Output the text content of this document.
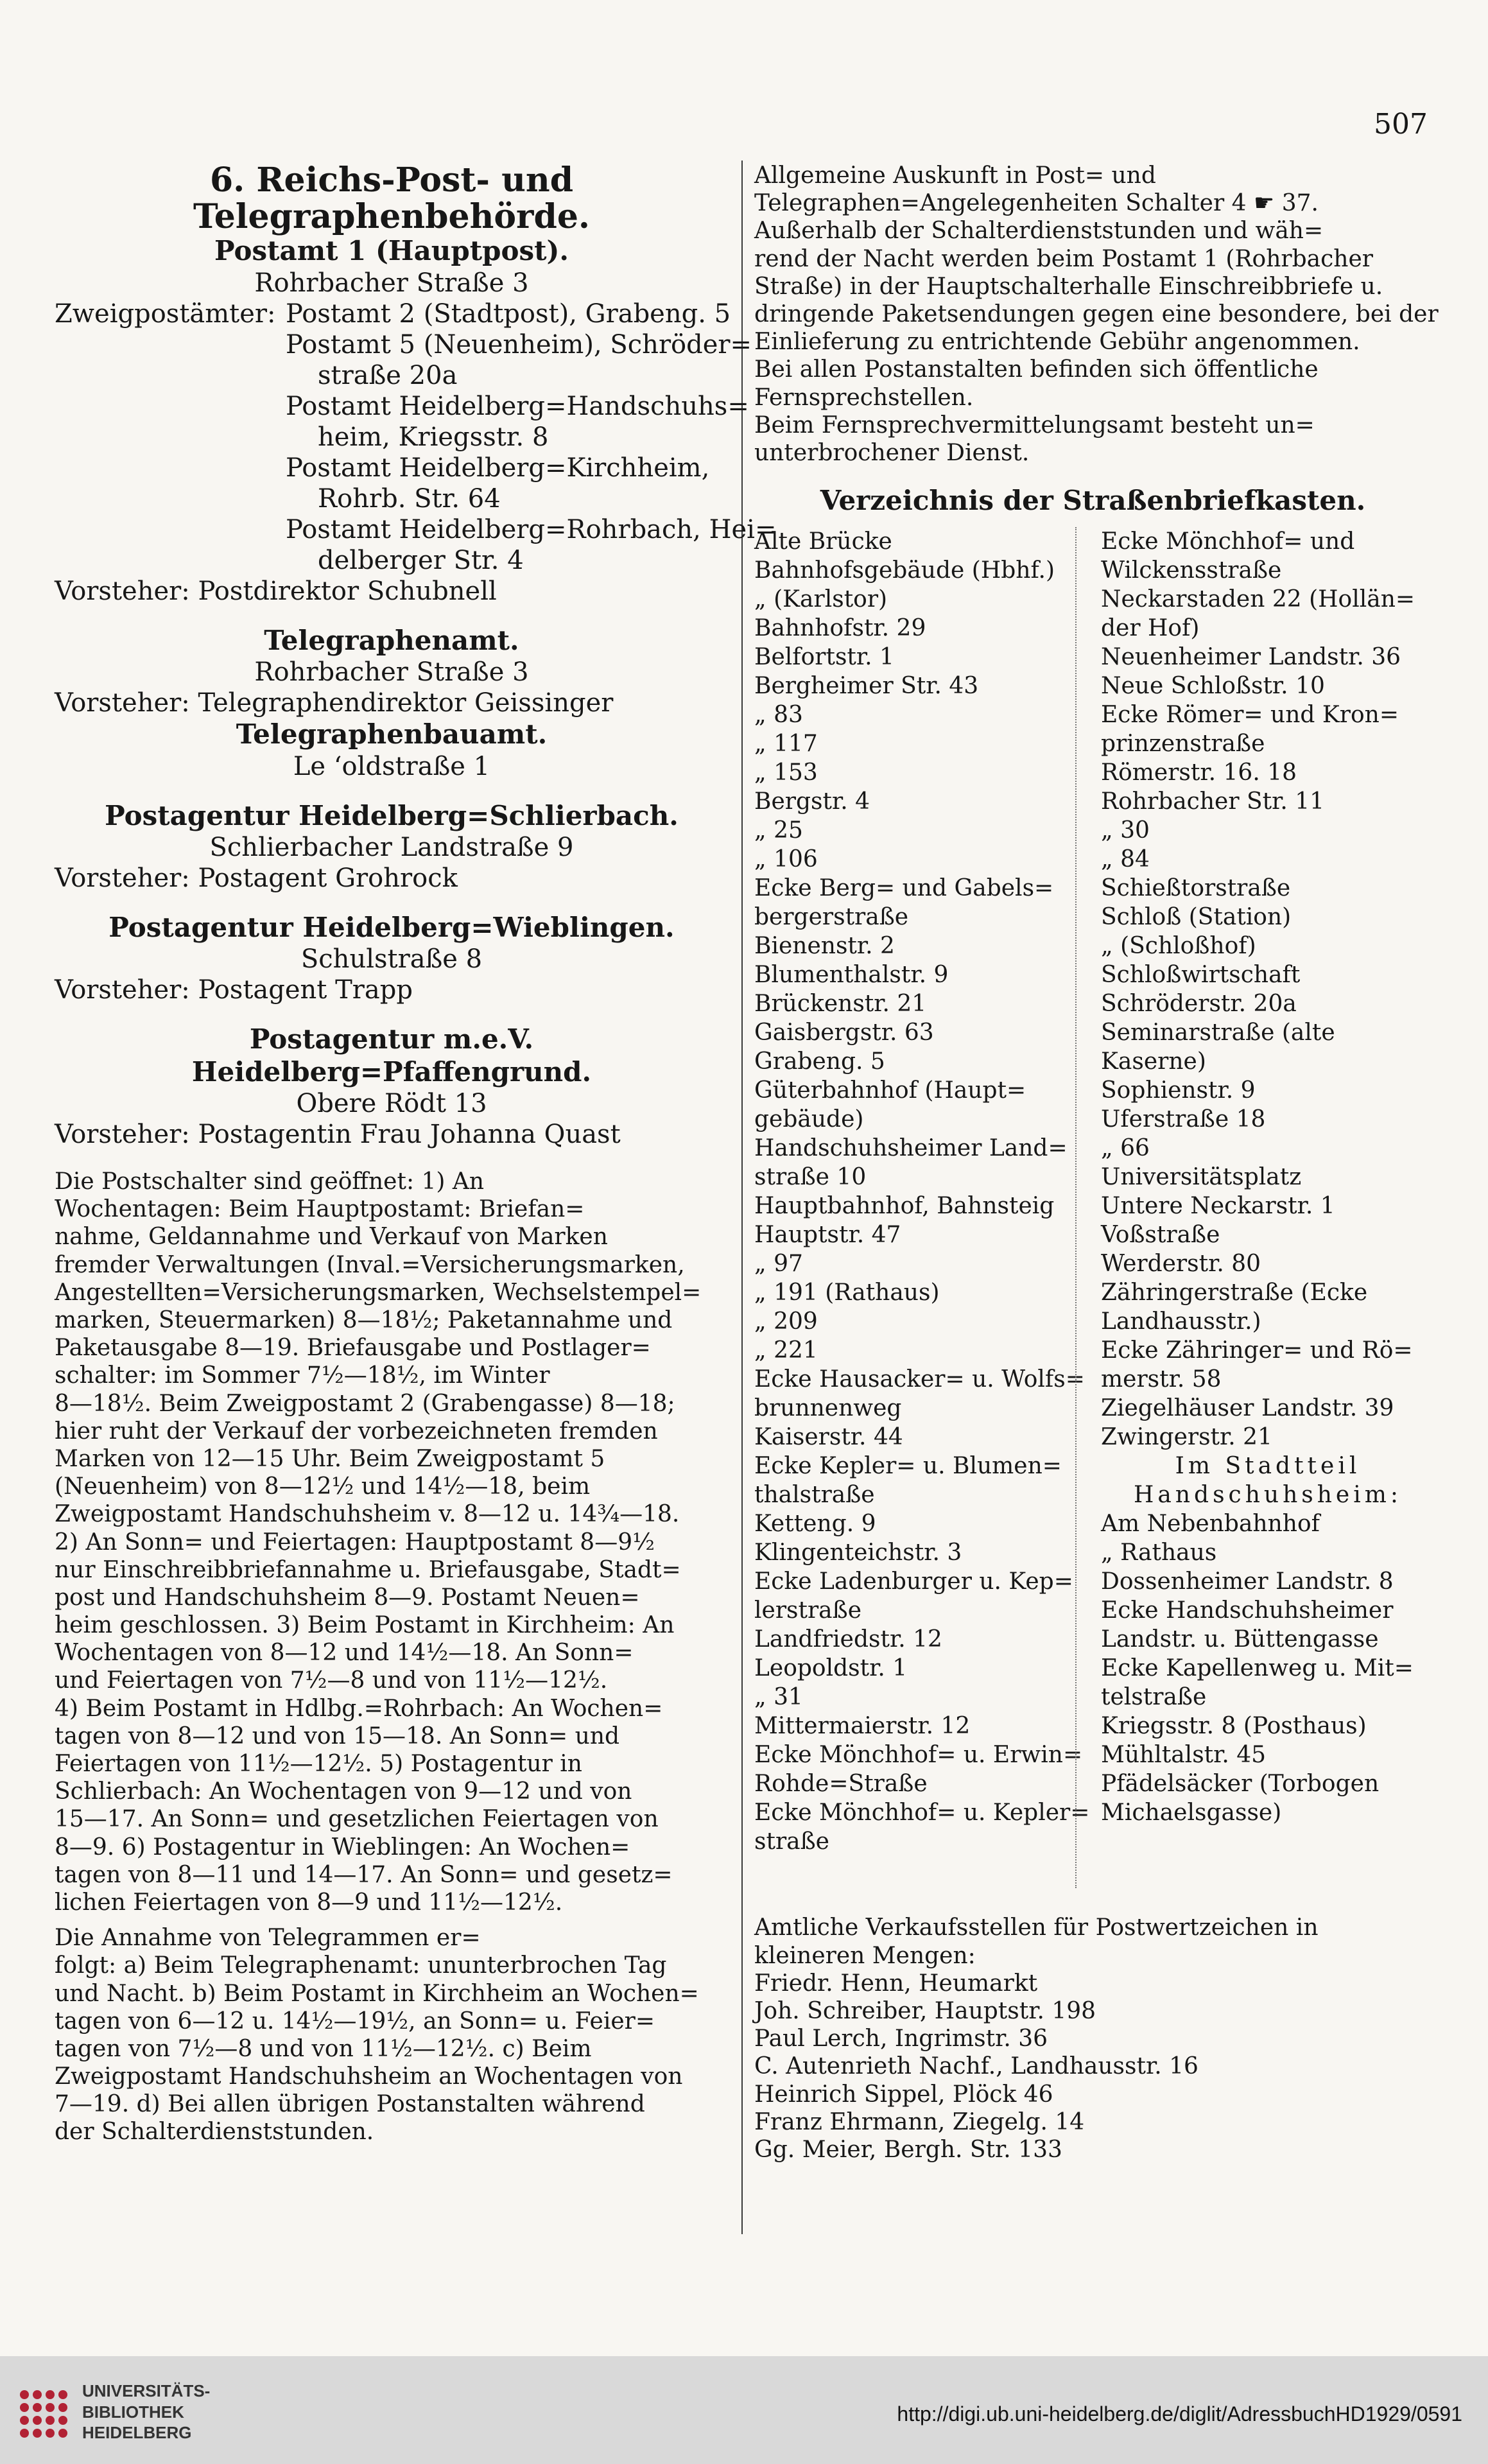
507
6. Reichs-Post- und Telegraphenbehörde.
Postamt 1 (Hauptpost).
Rohrbacher Straße 3
Zweigpostämter: Postamt 2 (Stadtpost), Grabeng. 5
Postamt 5 (Neuenheim), Schröder=
straße 20a
Postamt Heidelberg=Handschuhs=
heim, Kriegsstr. 8
Postamt Heidelberg=Kirchheim,
Rohrb. Str. 64
Postamt Heidelberg=Rohrbach, Hei=
delberger Str. 4
Vorsteher: Postdirektor Schubnell
Telegraphenamt.
Rohrbacher Straße 3
Vorsteher: Telegraphendirektor Geissinger
Telegraphenbauamt.
Le ‘oldstraße 1
Postagentur Heidelberg=Schlierbach.
Schlierbacher Landstraße 9
Vorsteher: Postagent Grohrock
Postagentur Heidelberg=Wieblingen.
Schulstraße 8
Vorsteher: Postagent Trapp
Postagentur m.e.V. Heidelberg=Pfaffengrund.
Obere Rödt 13
Vorsteher: Postagentin Frau Johanna Quast
Die Postschalter sind geöffnet: 1) An
Wochentagen: Beim Hauptpostamt: Briefan=
nahme, Geldannahme und Verkauf von Marken
fremder Verwaltungen (Inval.=Versicherungsmarken,
Angestellten=Versicherungsmarken, Wechselstempel=
marken, Steuermarken) 8—18½; Paketannahme und
Paketausgabe 8—19. Briefausgabe und Postlager=
schalter: im Sommer 7½—18½, im Winter
8—18½. Beim Zweigpostamt 2 (Grabengasse) 8—18;
hier ruht der Verkauf der vorbezeichneten fremden
Marken von 12—15 Uhr. Beim Zweigpostamt 5
(Neuenheim) von 8—12½ und 14½—18, beim
Zweigpostamt Handschuhsheim v. 8—12 u. 14¾—18.
2) An Sonn= und Feiertagen: Hauptpostamt 8—9½
nur Einschreibbriefannahme u. Briefausgabe, Stadt=
post und Handschuhsheim 8—9. Postamt Neuen=
heim geschlossen. 3) Beim Postamt in Kirchheim: An
Wochentagen von 8—12 und 14½—18. An Sonn=
und Feiertagen von 7½—8 und von 11½—12½.
4) Beim Postamt in Hdlbg.=Rohrbach: An Wochen=
tagen von 8—12 und von 15—18. An Sonn= und
Feiertagen von 11½—12½. 5) Postagentur in
Schlierbach: An Wochentagen von 9—12 und von
15—17. An Sonn= und gesetzlichen Feiertagen von
8—9. 6) Postagentur in Wieblingen: An Wochen=
tagen von 8—11 und 14—17. An Sonn= und gesetz=
lichen Feiertagen von 8—9 und 11½—12½.
Die Annahme von Telegrammen er=
folgt: a) Beim Telegraphenamt: ununterbrochen Tag
und Nacht. b) Beim Postamt in Kirchheim an Wochen=
tagen von 6—12 u. 14½—19½, an Sonn= u. Feier=
tagen von 7½—8 und von 11½—12½. c) Beim
Zweigpostamt Handschuhsheim an Wochentagen von
7—19. d) Bei allen übrigen Postanstalten während
der Schalterdienststunden.
Allgemeine Auskunft in Post= und
Telegraphen=Angelegenheiten Schalter 4 ☛ 37.
Außerhalb der Schalterdienststunden und wäh=
rend der Nacht werden beim Postamt 1 (Rohrbacher
Straße) in der Hauptschalterhalle Einschreibbriefe u.
dringende Paketsendungen gegen eine besondere, bei der
Einlieferung zu entrichtende Gebühr angenommen.
Bei allen Postanstalten befinden sich öffentliche
Fernsprechstellen.
Beim Fernsprechvermittelungsamt besteht un=
unterbrochener Dienst.
Verzeichnis der Straßenbriefkasten.
Alte Brücke
Bahnhofsgebäude (Hbhf.)
„ (Karlstor)
Bahnhofstr. 29
Belfortstr. 1
Bergheimer Str. 43
„ 83
„ 117
„ 153
Bergstr. 4
„ 25
„ 106
Ecke Berg= und Gabels=
bergerstraße
Bienenstr. 2
Blumenthalstr. 9
Brückenstr. 21
Gaisbergstr. 63
Grabeng. 5
Güterbahnhof (Haupt=
gebäude)
Handschuhsheimer Land=
straße 10
Hauptbahnhof, Bahnsteig
Hauptstr. 47
„ 97
„ 191 (Rathaus)
„ 209
„ 221
Ecke Hausacker= u. Wolfs=
brunnenweg
Kaiserstr. 44
Ecke Kepler= u. Blumen=
thalstraße
Ketteng. 9
Klingenteichstr. 3
Ecke Ladenburger u. Kep=
lerstraße
Landfriedstr. 12
Leopoldstr. 1
„ 31
Mittermaierstr. 12
Ecke Mönchhof= u. Erwin=
Rohde=Straße
Ecke Mönchhof= u. Kepler=
straße
Ecke Mönchhof= und
Wilckensstraße
Neckarstaden 22 (Hollän=
der Hof)
Neuenheimer Landstr. 36
Neue Schloßstr. 10
Ecke Römer= und Kron=
prinzenstraße
Römerstr. 16. 18
Rohrbacher Str. 11
„ 30
„ 84
Schießtorstraße
Schloß (Station)
„ (Schloßhof)
Schloßwirtschaft
Schröderstr. 20a
Seminarstraße (alte
Kaserne)
Sophienstr. 9
Uferstraße 18
„ 66
Universitätsplatz
Untere Neckarstr. 1
Voßstraße
Werderstr. 80
Zähringerstraße (Ecke
Landhausstr.)
Ecke Zähringer= und Rö=
merstr. 58
Ziegelhäuser Landstr. 39
Zwingerstr. 21
Im Stadtteil
Handschuhsheim:
Am Nebenbahnhof
„ Rathaus
Dossenheimer Landstr. 8
Ecke Handschuhsheimer
Landstr. u. Büttengasse
Ecke Kapellenweg u. Mit=
telstraße
Kriegsstr. 8 (Posthaus)
Mühltalstr. 45
Pfädelsäcker (Torbogen
Michaelsgasse)
Amtliche Verkaufsstellen für Postwertzeichen in
kleineren Mengen:
Friedr. Henn, Heumarkt
Joh. Schreiber, Hauptstr. 198
Paul Lerch, Ingrimstr. 36
C. Autenrieth Nachf., Landhausstr. 16
Heinrich Sippel, Plöck 46
Franz Ehrmann, Ziegelg. 14
Gg. Meier, Bergh. Str. 133
UNIVERSITÄTS-
BIBLIOTHEK
HEIDELBERG
http://digi.ub.uni-heidelberg.de/diglit/AdressbuchHD1929/0591
